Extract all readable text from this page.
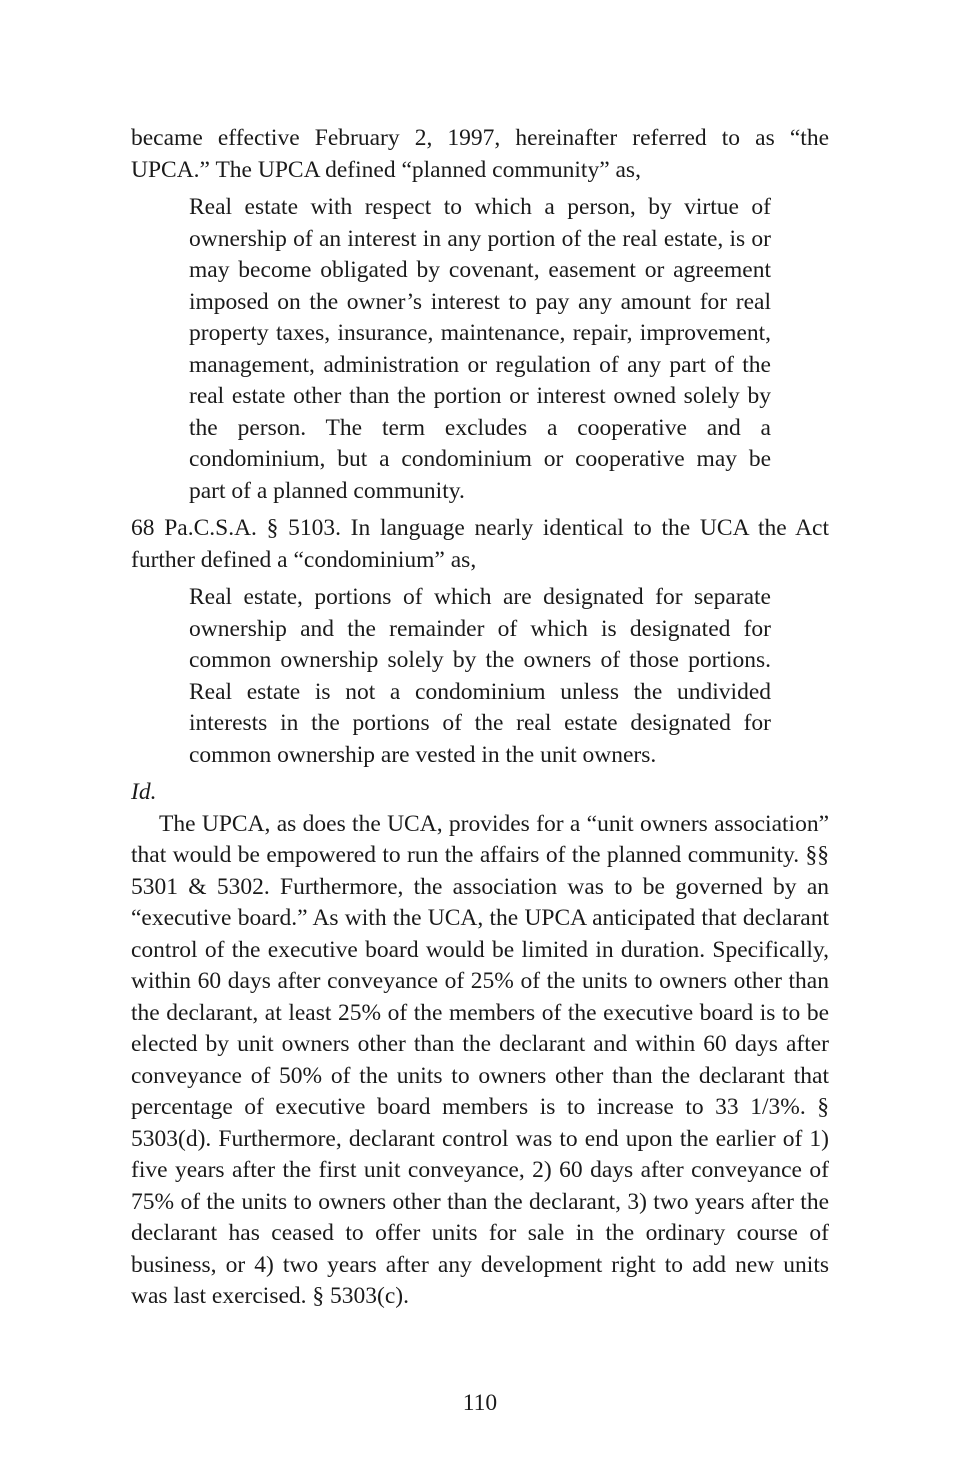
became effective February 2, 1997, hereinafter referred to as “the UPCA.” The UPCA defined “planned community” as,

Real estate with respect to which a person, by virtue of ownership of an interest in any portion of the real estate, is or may become obligated by covenant, easement or agreement imposed on the owner’s interest to pay any amount for real property taxes, insurance, maintenance, repair, improvement, management, administration or regulation of any part of the real estate other than the portion or interest owned solely by the person. The term excludes a cooperative and a condominium, but a condominium or cooperative may be part of a planned community.

68 Pa.C.S.A. § 5103. In language nearly identical to the UCA the Act further defined a “condominium” as,

Real estate, portions of which are designated for separate ownership and the remainder of which is designated for common ownership solely by the owners of those portions. Real estate is not a condominium unless the undivided interests in the portions of the real estate designated for common ownership are vested in the unit owners.

Id.

The UPCA, as does the UCA, provides for a “unit owners association” that would be empowered to run the affairs of the planned community. §§ 5301 & 5302. Furthermore, the association was to be governed by an “executive board.” As with the UCA, the UPCA anticipated that declarant control of the executive board would be limited in duration. Specifically, within 60 days after conveyance of 25% of the units to owners other than the declarant, at least 25% of the members of the executive board is to be elected by unit owners other than the declarant and within 60 days after conveyance of 50% of the units to owners other than the declarant that percentage of executive board members is to increase to 33 1/3%. § 5303(d). Furthermore, declarant control was to end upon the earlier of 1) five years after the first unit conveyance, 2) 60 days after conveyance of 75% of the units to owners other than the declarant, 3) two years after the declarant has ceased to offer units for sale in the ordinary course of business, or 4) two years after any development right to add new units was last exercised. § 5303(c).

110
